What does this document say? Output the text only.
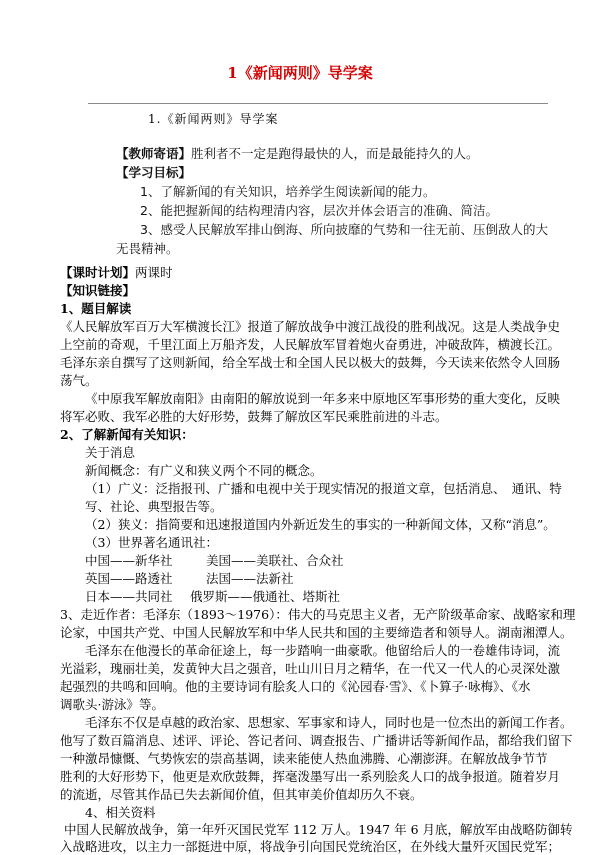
1《新闻两则》导学案
1.《新闻两则》导学案
【教师寄语】胜利者不一定是跑得最快的人，而是最能持久的人。
【学习目标】
1、了解新闻的有关知识，培养学生阅读新闻的能力。
2、能把握新闻的结构理清内容，层次并体会语言的准确、简洁。
3、感受人民解放军排山倒海、所向披靡的气势和一往无前、压倒敌人的大
无畏精神。
【课时计划】两课时
【知识链接】
1、题目解读
《人民解放军百万大军横渡长江》报道了解放战争中渡江战役的胜利战况。这是人类战争史
上空前的奇观，千里江面上万船齐发，人民解放军冒着炮火奋勇进，冲破敌阵，横渡长江。
毛泽东亲自撰写了这则新闻，给全军战士和全国人民以极大的鼓舞，今天读来依然令人回肠
荡气。
《中原我军解放南阳》由南阳的解放说到一年多来中原地区军事形势的重大变化，反映
将军必败、我军必胜的大好形势，鼓舞了解放区军民乘胜前进的斗志。
2、了解新闻有关知识：
关于消息
新闻概念：有广义和狭义两个不同的概念。
（1）广义：泛指报刊、广播和电视中关于现实情况的报道文章，包括消息、　通讯、特
写、社论、典型报告等。
（2）狭义：指简要和迅速报道国内外新近发生的事实的一种新闻文体，又称“消息”。
（3）世界著名通讯社：
中国——新华社	美国——美联社、合众社
英国——路透社	法国——法新社
日本——共同社 俄罗斯——俄通社、塔斯社
3、走近作者：毛泽东（1893～1976）：伟大的马克思主义者，无产阶级革命家、战略家和理
论家，中国共产党、中国人民解放军和中华人民共和国的主要缔造者和领导人。湖南湘潭人。
毛泽东在他漫长的革命征途上，每一步踏响一曲豪歌。他留给后人的一卷雄伟诗词，流
光溢彩，瑰丽壮美，发黄钟大吕之强音，吐山川日月之精华，在一代又一代人的心灵深处激
起强烈的共鸣和回响。他的主要诗词有脍炙人口的《沁园春·雪》、《卜算子·咏梅》、《水
调歌头·游泳》等。
毛泽东不仅是卓越的政治家、思想家、军事家和诗人，同时也是一位杰出的新闻工作者。
他写了数百篇消息、述评、评论、答记者问、调查报告、广播讲话等新闻作品，都给我们留下
一种激昂慷慨、气势恢宏的崇高基调，读来能使人热血沸腾、心潮澎湃。在解放战争节节
胜利的大好形势下，他更是欢欣鼓舞，挥毫泼墨写出一系列脍炙人口的战争报道。随着岁月
的流逝，尽管其作品已失去新闻价值，但其审美价值却历久不衰。
4、相关资料
中国人民解放战争，第一年歼灭国民党军 112 万人。1947 年 6 月底，解放军由战略防御转
入战略进攻，以主力一部挺进中原，将战争引向国民党统治区，在外线大量歼灭国民党军；
